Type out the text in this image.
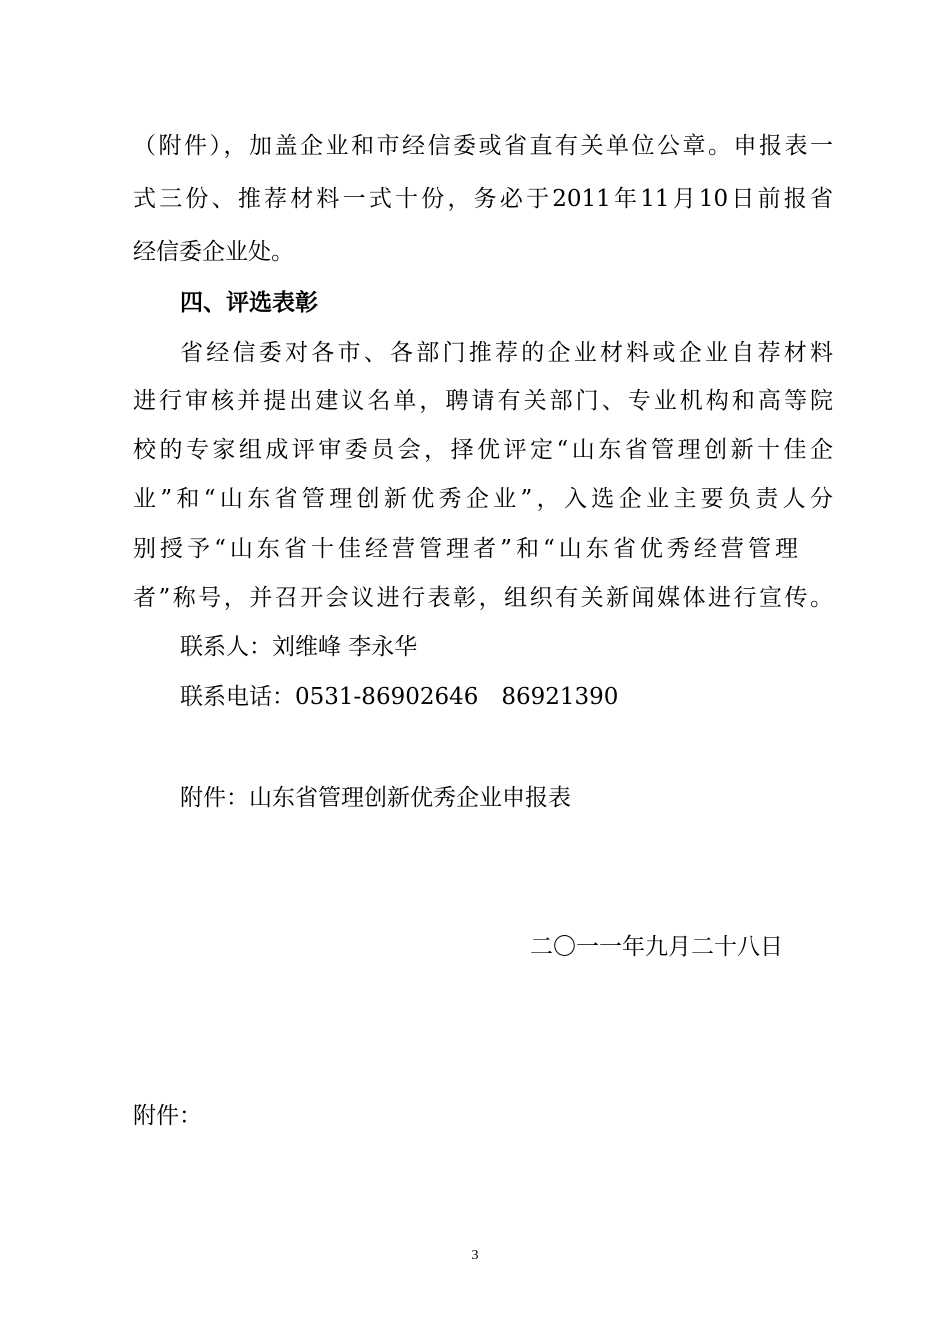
（附件），加盖企业和市经信委或省直有关单位公章。申报表一
式三份、推荐材料一式十份，务必于2011年11月10日前报省
经信委企业处。
四、评选表彰
省经信委对各市、各部门推荐的企业材料或企业自荐材料
进行审核并提出建议名单，聘请有关部门、专业机构和高等院
校的专家组成评审委员会，择优评定“山东省管理创新十佳企
业”和“山东省管理创新优秀企业”，入选企业主要负责人分
别授予“山东省十佳经营管理者”和“山东省优秀经营管理
者”称号，并召开会议进行表彰，组织有关新闻媒体进行宣传。
联系人：刘维峰 李永华
联系电话：0531-86902646　86921390
附件：山东省管理创新优秀企业申报表
二〇一一年九月二十八日
附件：
3
